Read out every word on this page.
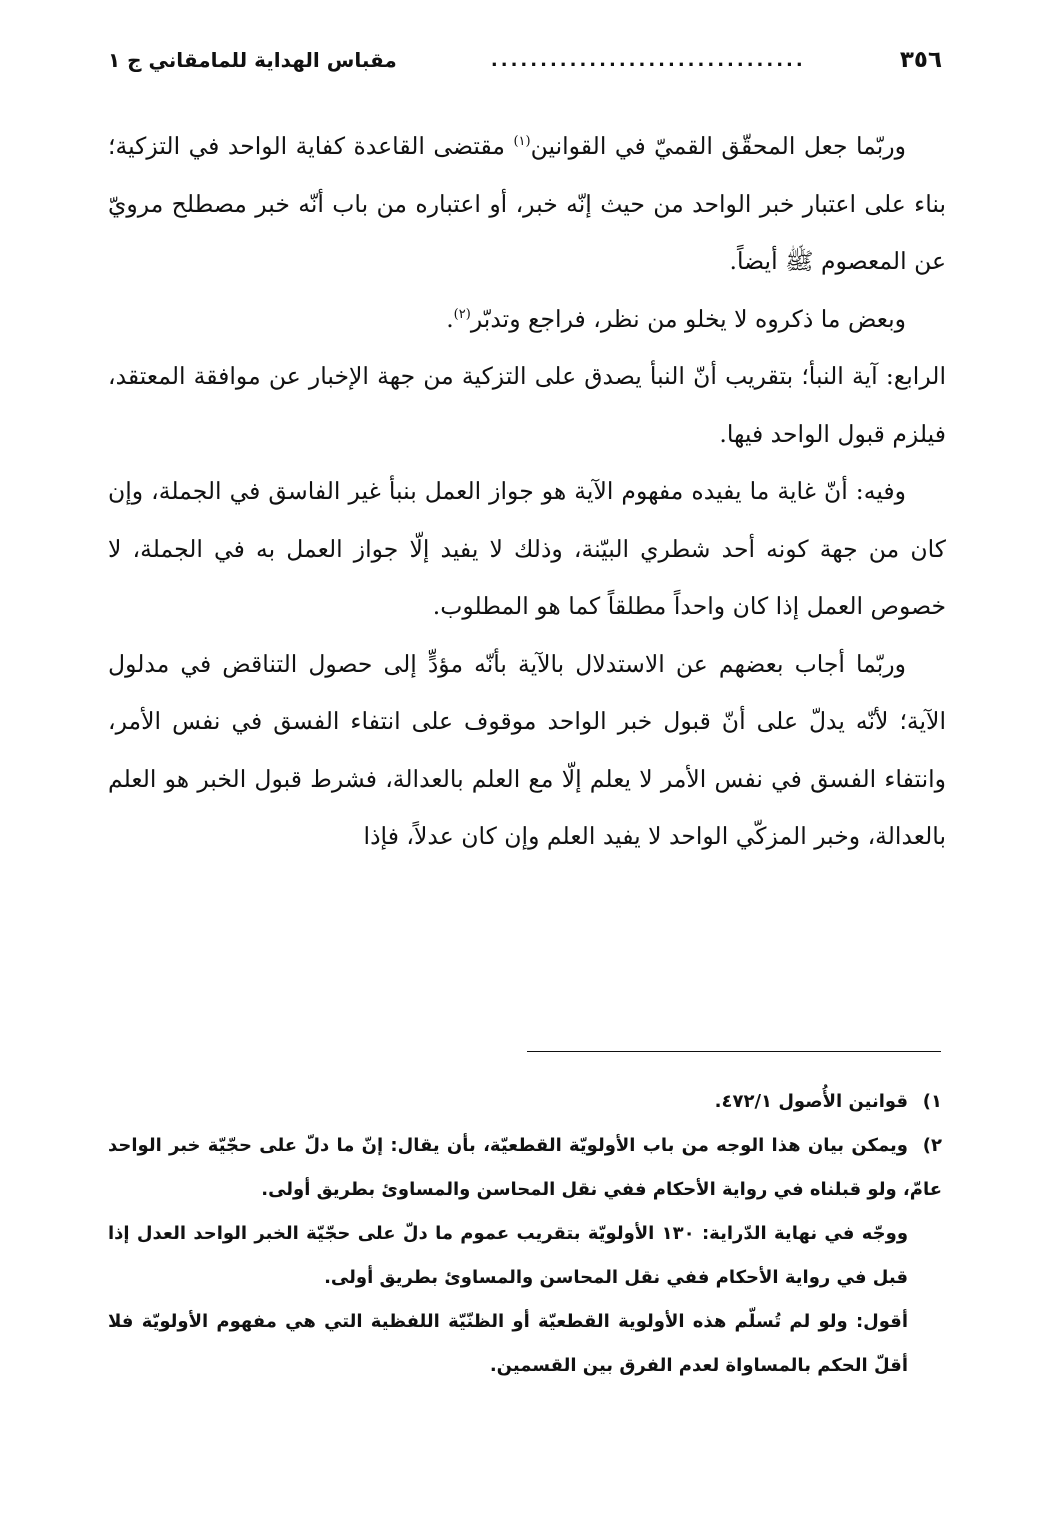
٣٥٦
................................
مقباس الهداية للمامقاني ج ١

وربّما جعل المحقّق القميّ في القوانين$^{(١)}$ مقتضى القاعدة كفاية الواحد في التزكية؛ بناء على اعتبار خبر الواحد من حيث إنّه خبر، أو اعتباره من باب أنّه خبر مصطلح مرويّ عن المعصوم ﷺ أيضاً.

وبعض ما ذكروه لا يخلو من نظر، فراجع وتدبّر$^{(٢)}$.

الرابع: آية النبأ؛ بتقريب أنّ النبأ يصدق على التزكية من جهة الإخبار عن موافقة المعتقد، فيلزم قبول الواحد فيها.

وفيه: أنّ غاية ما يفيده مفهوم الآية هو جواز العمل بنبأ غير الفاسق في الجملة، وإن كان من جهة كونه أحد شطري البيّنة، وذلك لا يفيد إلّا جواز العمل به في الجملة، لا خصوص العمل إذا كان واحداً مطلقاً كما هو المطلوب.

وربّما أجاب بعضهم عن الاستدلال بالآية بأنّه مؤدٍّ إلى حصول التناقض في مدلول الآية؛ لأنّه يدلّ على أنّ قبول خبر الواحد موقوف على انتفاء الفسق في نفس الأمر، وانتفاء الفسق في نفس الأمر لا يعلم إلّا مع العلم بالعدالة، فشرط قبول الخبر هو العلم بالعدالة، وخبر المزكّي الواحد لا يفيد العلم وإن كان عدلاً، فإذا

١)قوانين الأُصول ٤٧٢/١.

٢)ويمكن بيان هذا الوجه من باب الأولويّة القطعيّة، بأن يقال: إنّ ما دلّ على حجّيّة خبر الواحد عامّ، ولو قبلناه في رواية الأحكام ففي نقل المحاسن والمساوئ بطريق أولى.

ووجّه في نهاية الدّراية: ١٣٠ الأولويّة بتقريب عموم ما دلّ على حجّيّة الخبر الواحد العدل إذا قبل في رواية الأحكام ففي نقل المحاسن والمساوئ بطريق أولى.

أقول: ولو لم تُسلّم هذه الأولوية القطعيّة أو الظنّيّة اللفظية التي هي مفهوم الأولويّة فلا أقلّ الحكم بالمساواة لعدم الفرق بين القسمين.
